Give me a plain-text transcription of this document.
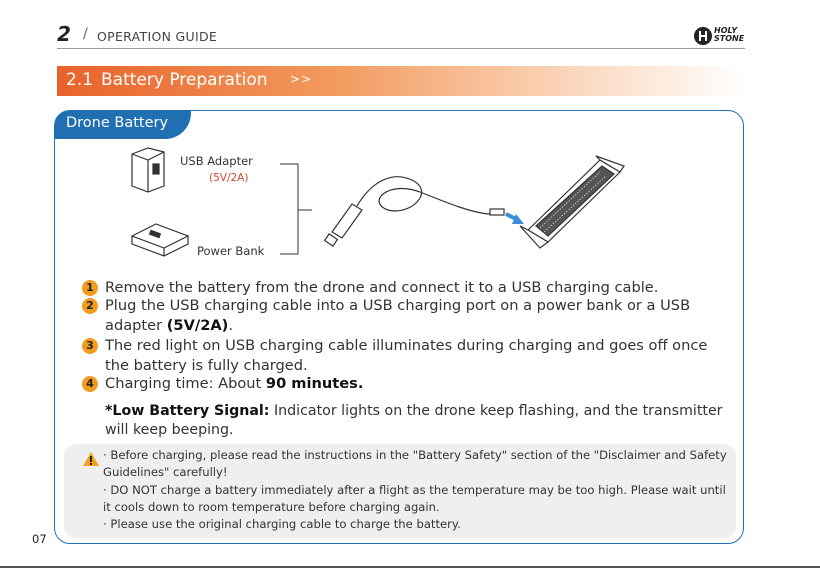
2 / OPERATION GUIDE	HOLY
STONE
2.1 Battery Preparation >>
Drone Battery
USB Adapter
(5V/2A)
Power Bank
1 Remove the battery from the drone and connect it to a USB charging cable.
2 Plug the USB charging cable into a USB charging port on a power bank or a USB adapter (5V/2A).
3 The red light on USB charging cable illuminates during charging and goes off once the battery is fully charged.
4 Charging time: About 90 minutes.
*Low Battery Signal: Indicator lights on the drone keep flashing, and the transmitter will keep beeping.
· Before charging, please read the instructions in the "Battery Safety" section of the "Disclaimer and Safety Guidelines" carefully!
· DO NOT charge a battery immediately after a flight as the temperature may be too high. Please wait until it cools down to room temperature before charging again.
· Please use the original charging cable to charge the battery.
07
